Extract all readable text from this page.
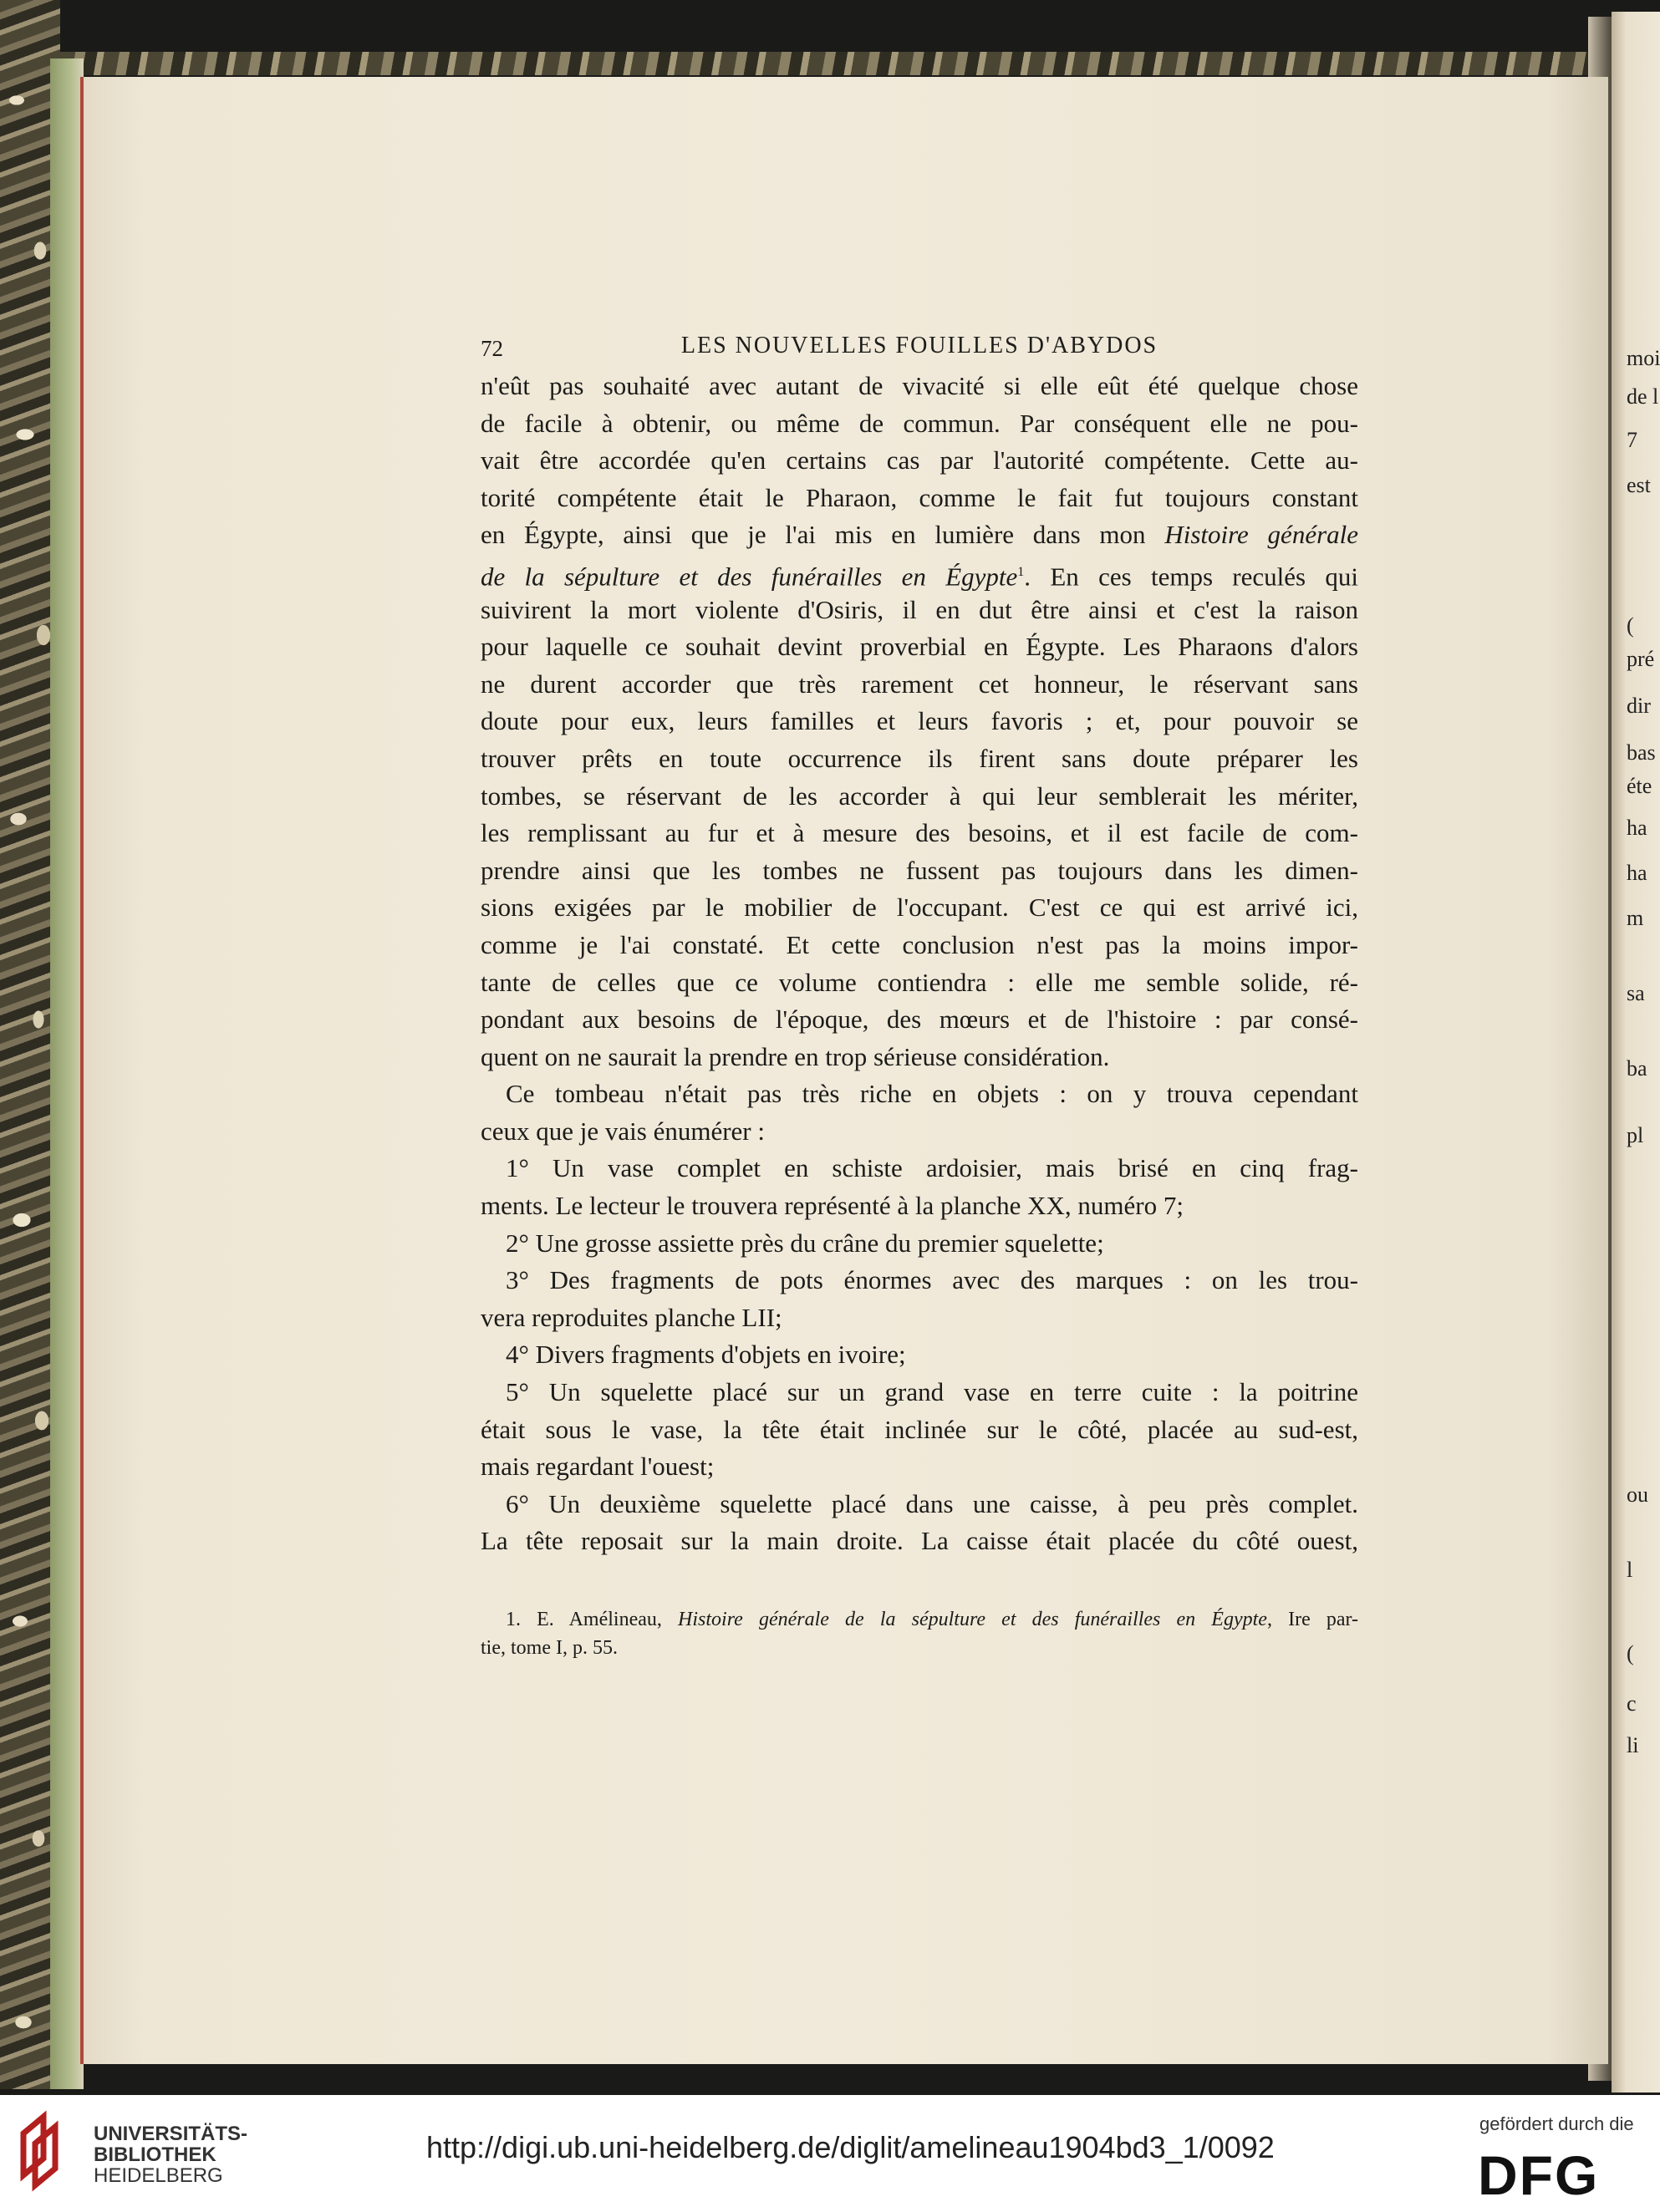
moi
de l
7
est
(
pré
dir
bas
éte
ha
ha
m
sa
ba
pl
ou
l
(
c
li
72	LES NOUVELLES FOUILLES D'ABYDOS
n'eût pas souhaité avec autant de vivacité si elle eût été quelque chose
de facile à obtenir, ou même de commun. Par conséquent elle ne pou-
vait être accordée qu'en certains cas par l'autorité compétente. Cette au-
torité compétente était le Pharaon, comme le fait fut toujours constant
en Égypte, ainsi que je l'ai mis en lumière dans mon Histoire générale
de la sépulture et des funérailles en Égypte$^1$. En ces temps reculés qui
suivirent la mort violente d'Osiris, il en dut être ainsi et c'est la raison
pour laquelle ce souhait devint proverbial en Égypte. Les Pharaons d'alors
ne durent accorder que très rarement cet honneur, le réservant sans
doute pour eux, leurs familles et leurs favoris ; et, pour pouvoir se
trouver prêts en toute occurrence ils firent sans doute préparer les
tombes, se réservant de les accorder à qui leur semblerait les mériter,
les remplissant au fur et à mesure des besoins, et il est facile de com-
prendre ainsi que les tombes ne fussent pas toujours dans les dimen-
sions exigées par le mobilier de l'occupant. C'est ce qui est arrivé ici,
comme je l'ai constaté. Et cette conclusion n'est pas la moins impor-
tante de celles que ce volume contiendra : elle me semble solide, ré-
pondant aux besoins de l'époque, des mœurs et de l'histoire : par consé-
quent on ne saurait la prendre en trop sérieuse considération.
Ce tombeau n'était pas très riche en objets : on y trouva cependant
ceux que je vais énumérer :
1° Un vase complet en schiste ardoisier, mais brisé en cinq frag-
ments. Le lecteur le trouvera représenté à la planche XX, numéro 7;
2° Une grosse assiette près du crâne du premier squelette;
3° Des fragments de pots énormes avec des marques : on les trou-
vera reproduites planche LII;
4° Divers fragments d'objets en ivoire;
5° Un squelette placé sur un grand vase en terre cuite : la poitrine
était sous le vase, la tête était inclinée sur le côté, placée au sud-est,
mais regardant l'ouest;
6° Un deuxième squelette placé dans une caisse, à peu près complet.
La tête reposait sur la main droite. La caisse était placée du côté ouest,
1. E. Amélineau, Histoire générale de la sépulture et des funérailles en Égypte, Ire par-
tie, tome I, p. 55.
UNIVERSITÄTS-
BIBLIOTHEK
HEIDELBERG
http://digi.ub.uni-heidelberg.de/diglit/amelineau1904bd3_1/0092
gefördert durch die
DFG
